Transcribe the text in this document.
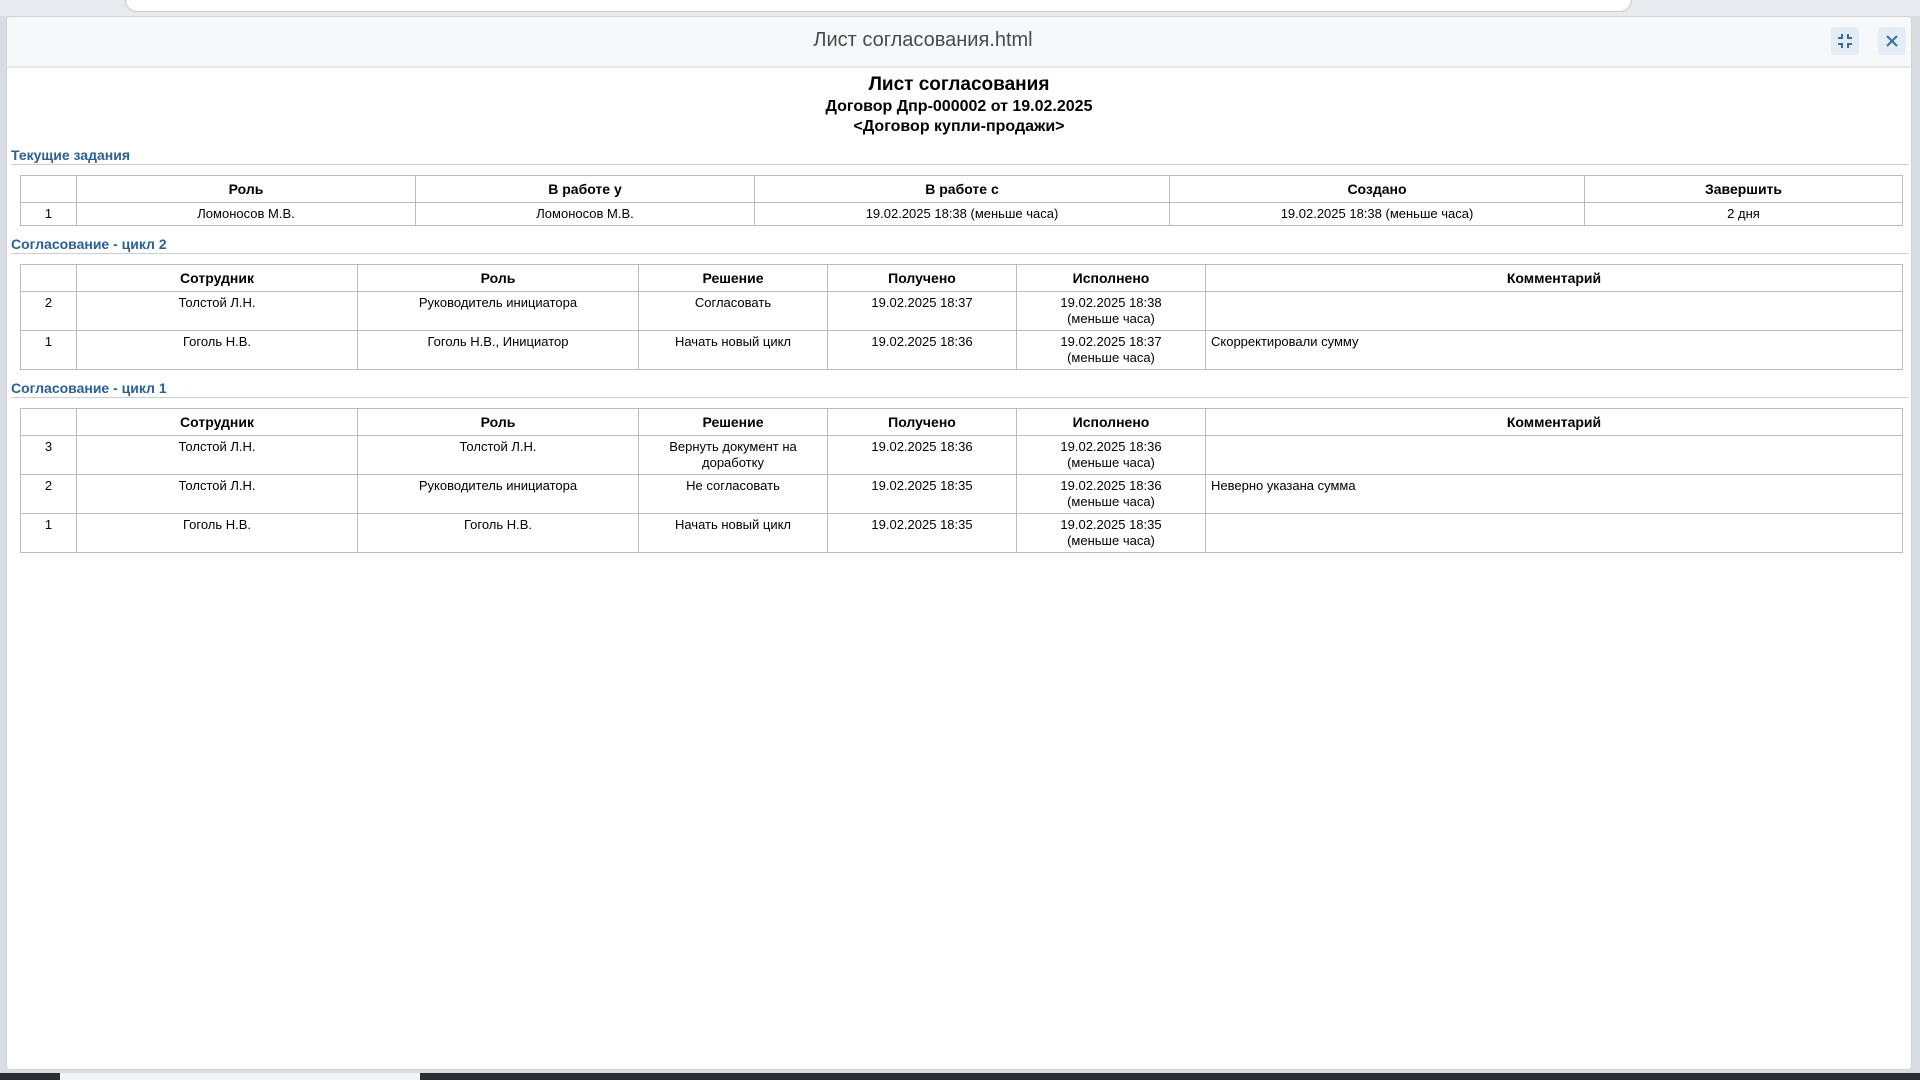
Лист согласования.html
Лист согласования
Договор Дпр-000002 от 19.02.2025
<Договор купли-продажи>
Текущие задания
	Роль	В работе у	В работе с	Создано	Завершить
1	Ломоносов М.В.	Ломоносов М.В.	19.02.2025 18:38 (меньше часа)	19.02.2025 18:38 (меньше часа)	2 дня
Согласование - цикл 2
	Сотрудник	Роль	Решение	Получено	Исполнено	Комментарий
2	Толстой Л.Н.	Руководитель инициатора	Согласовать	19.02.2025 18:37	19.02.2025 18:38
(меньше часа)	
1	Гоголь Н.В.	Гоголь Н.В., Инициатор	Начать новый цикл	19.02.2025 18:36	19.02.2025 18:37
(меньше часа)	Скорректировали сумму
Согласование - цикл 1
	Сотрудник	Роль	Решение	Получено	Исполнено	Комментарий
3	Толстой Л.Н.	Толстой Л.Н.	Вернуть документ на доработку	19.02.2025 18:36	19.02.2025 18:36
(меньше часа)	
2	Толстой Л.Н.	Руководитель инициатора	Не согласовать	19.02.2025 18:35	19.02.2025 18:36
(меньше часа)	Неверно указана сумма
1	Гоголь Н.В.	Гоголь Н.В.	Начать новый цикл	19.02.2025 18:35	19.02.2025 18:35
(меньше часа)	
